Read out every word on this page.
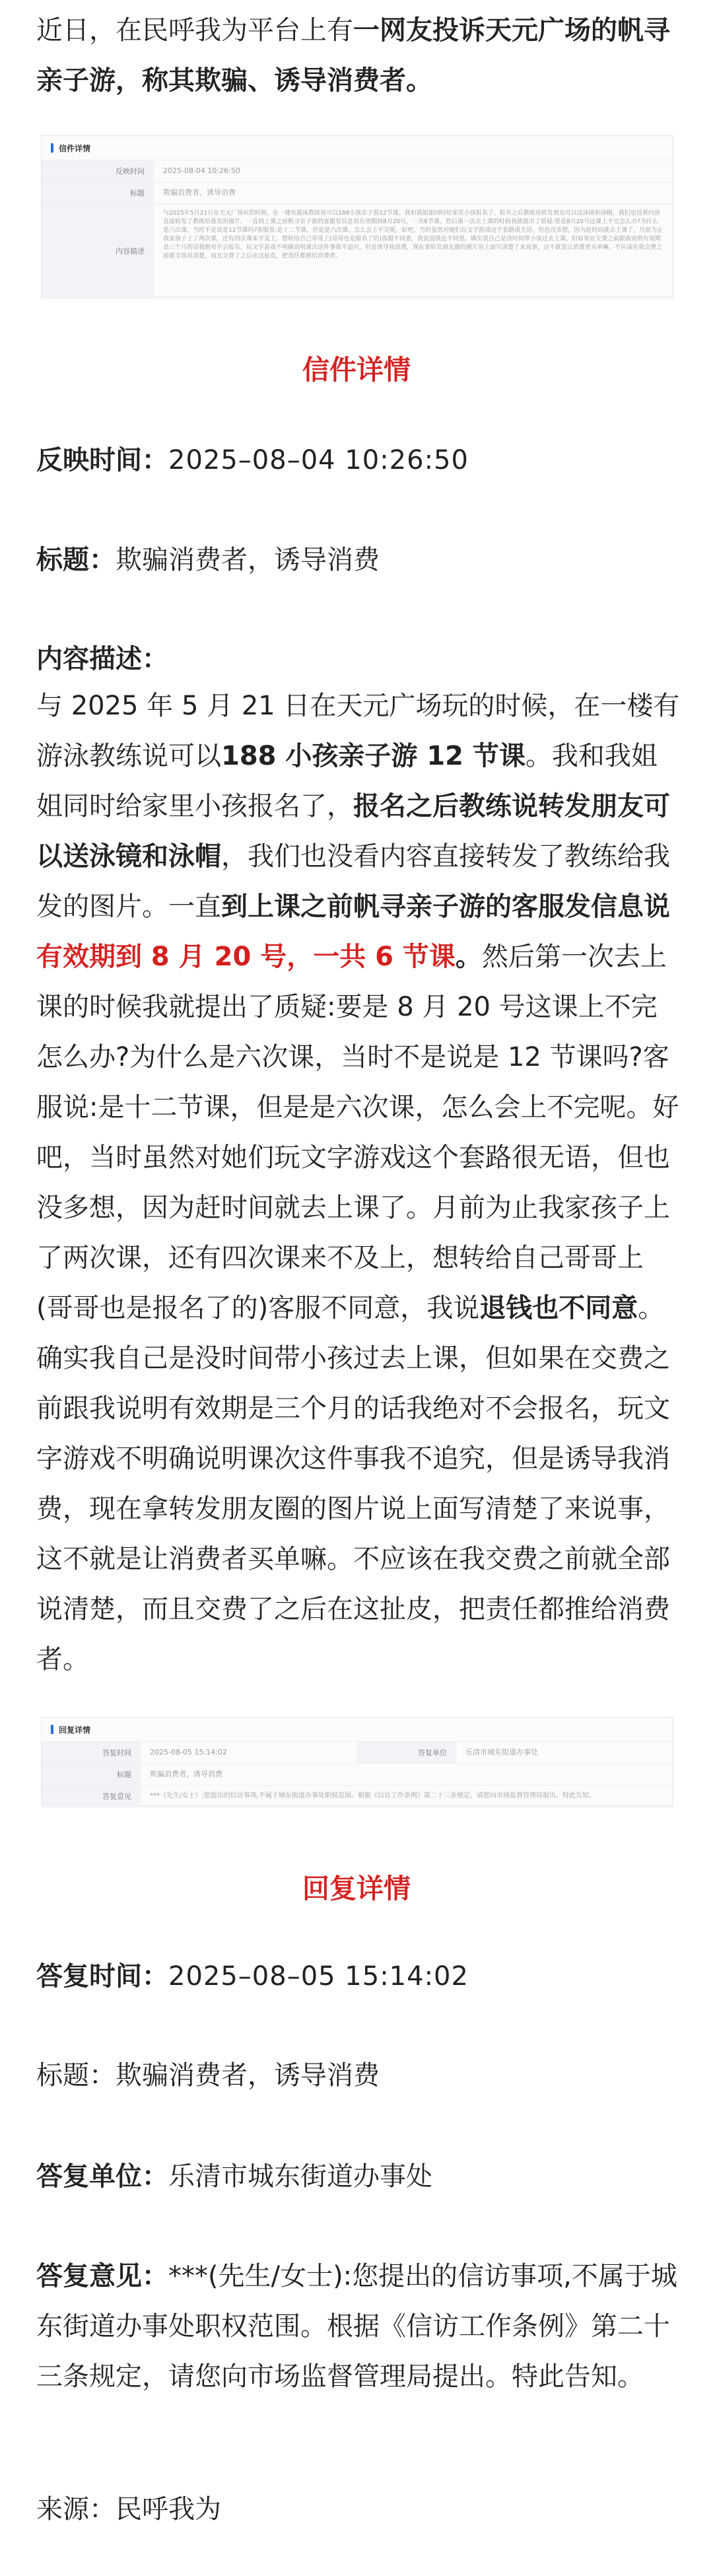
近日，在民呼我为平台上有一网友投诉天元广场的帆寻亲子游，称其欺骗、诱导消费者。

信件详情
反映时间	2025-08-04 10:26:50
标题	欺骗消费者，诱导消费
内容描述
与2025年5月21日在天元广场玩的时候，在一楼有游泳教练说可以188小孩亲子游12节课。我和我姐姐同时给家里小孩报名了，报名之后教练说转发朋友可以送泳镜和泳帽，我们也没看内容直接转发了教练给我发的图片。一直到上课之前帆寻亲子游的客服发信息说有效期到8月20号，一共6节课。然后第一次去上课的时候我就提出了质疑:要是8月20号这课上不完怎么办?为什么是六次课，当时不是说是12节课吗?客服说:是十二节课，但是是六次课，怎么会上不完呢。好吧，当时虽然对她们玩文字游戏这个套路很无语，但也没多想，因为赶时间就去上课了。月前为止我家孩子上了两次课，还有四次课来不及上，想转给自己哥哥上(哥哥也是报名了的)客服不同意，我说退钱也不同意。确实我自己是没时间带小孩过去上课，但如果在交费之前跟我说明有效期是三个月的话我绝对不会报名，玩文字游戏不明确说明课次这件事我不追究，但是诱导我消费，现在拿转发朋友圈的图片说上面写清楚了来说事，这不就是让消费者买单嘛。不应该在我交费之前就全部说清楚，而且交费了之后在这扯皮，把责任都推给消费者。
信件详情

反映时间：2025–08–04 10:26:50

标题：欺骗消费者，诱导消费

内容描述：

与 2025 年 5 月 21 日在天元广场玩的时候，在一楼有游泳教练说可以188 小孩亲子游 12 节课。我和我姐姐同时给家里小孩报名了，报名之后教练说转发朋友可以送泳镜和泳帽，我们也没看内容直接转发了教练给我发的图片。一直到上课之前帆寻亲子游的客服发信息说有效期到 8 月 20 号，一共 6 节课。然后第一次去上课的时候我就提出了质疑:要是 8 月 20 号这课上不完怎么办?为什么是六次课，当时不是说是 12 节课吗?客服说:是十二节课，但是是六次课，怎么会上不完呢。好吧，当时虽然对她们玩文字游戏这个套路很无语，但也没多想，因为赶时间就去上课了。月前为止我家孩子上了两次课，还有四次课来不及上，想转给自己哥哥上(哥哥也是报名了的)客服不同意，我说退钱也不同意。确实我自己是没时间带小孩过去上课，但如果在交费之前跟我说明有效期是三个月的话我绝对不会报名，玩文字游戏不明确说明课次这件事我不追究，但是诱导我消费，现在拿转发朋友圈的图片说上面写清楚了来说事，这不就是让消费者买单嘛。不应该在我交费之前就全部说清楚，而且交费了之后在这扯皮，把责任都推给消费者。

回复详情
答复时间	2025-08-05 15:14:02	答复单位	乐清市城东街道办事处
标题	欺骗消费者，诱导消费
答复意见	***（先生/女士）:您提出的信访事项,不属于城东街道办事处职权范围。根据《信访工作条例》第二十三条规定，请您向市场监督管理局提出。特此告知。
回复详情

答复时间：2025–08–05 15:14:02

标题：欺骗消费者，诱导消费

答复单位：乐清市城东街道办事处

答复意见：***(先生/女士):您提出的信访事项,不属于城东街道办事处职权范围。根据《信访工作条例》第二十三条规定，请您向市场监督管理局提出。特此告知。

来源：民呼我为
